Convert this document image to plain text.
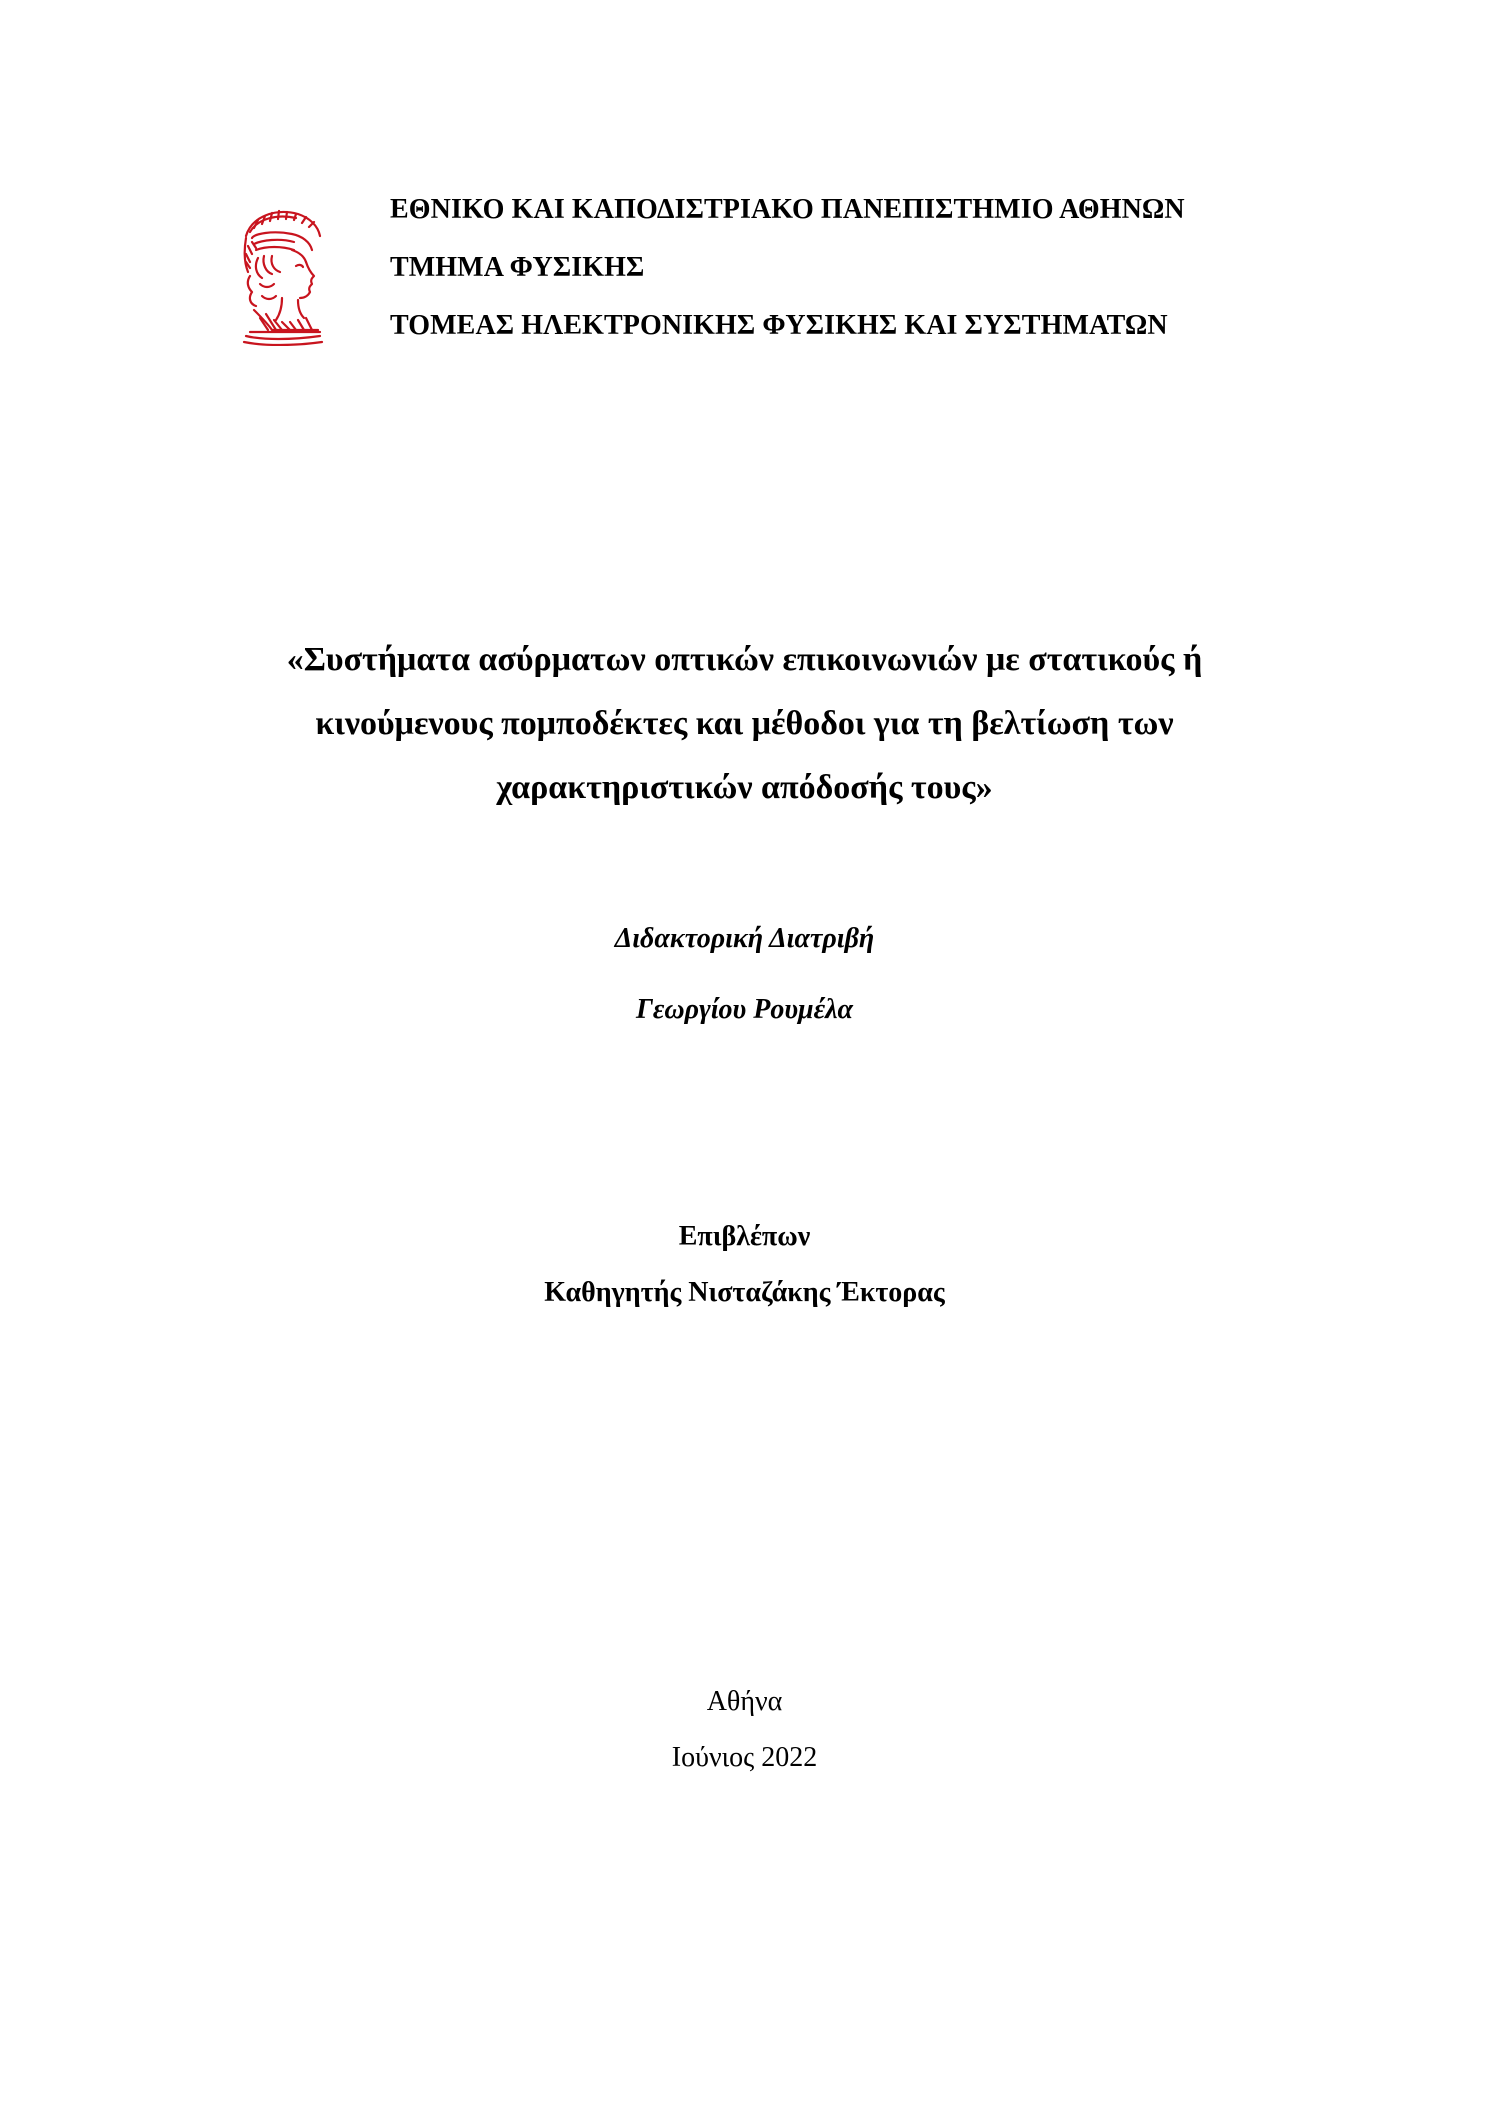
ΕΘΝΙΚΟ ΚΑΙ ΚΑΠΟΔΙΣΤΡΙΑΚΟ ΠΑΝΕΠΙΣΤΗΜΙΟ ΑΘΗΝΩΝ
ΤΜΗΜΑ ΦΥΣΙΚΗΣ
ΤΟΜΕΑΣ ΗΛΕΚΤΡΟΝΙΚΗΣ ΦΥΣΙΚΗΣ ΚΑΙ ΣΥΣΤΗΜΑΤΩΝ
«Συστήματα ασύρματων οπτικών επικοινωνιών με στατικούς ή
κινούμενους πομποδέκτες και μέθοδοι για τη βελτίωση των
χαρακτηριστικών απόδοσής τους»
Διδακτορική Διατριβή
Γεωργίου Ρουμέλα
Επιβλέπων
Καθηγητής Νισταζάκης Έκτορας
Αθήνα
Ιούνιος 2022
